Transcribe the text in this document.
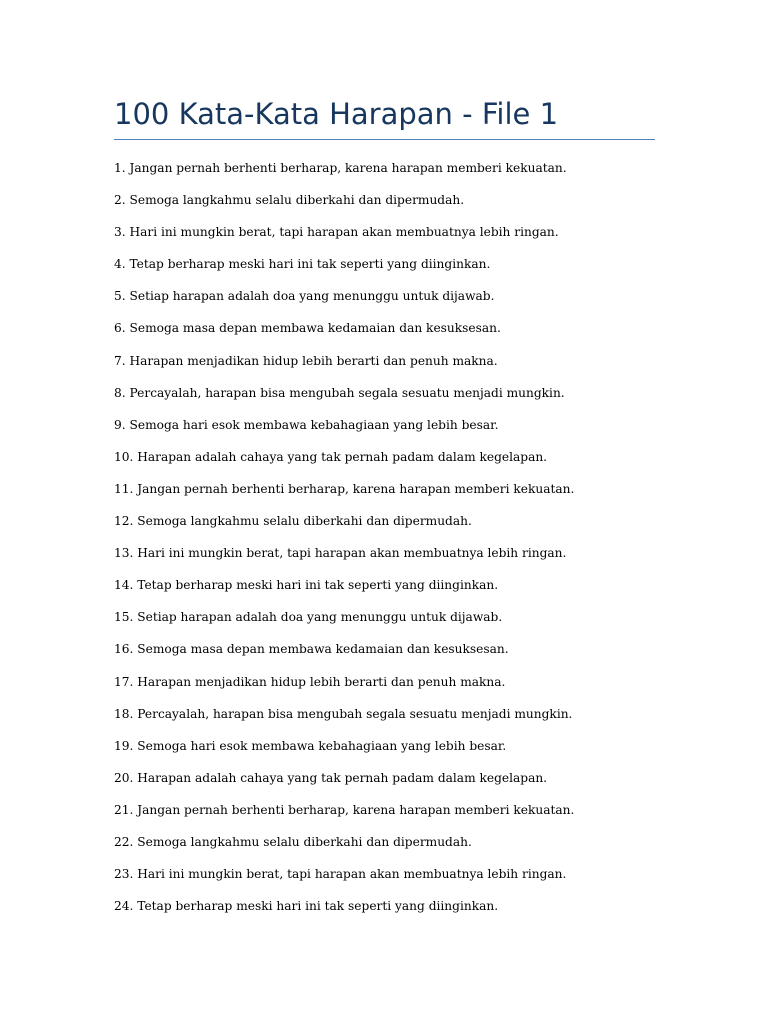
100 Kata-Kata Harapan - File 1
1. Jangan pernah berhenti berharap, karena harapan memberi kekuatan.
2. Semoga langkahmu selalu diberkahi dan dipermudah.
3. Hari ini mungkin berat, tapi harapan akan membuatnya lebih ringan.
4. Tetap berharap meski hari ini tak seperti yang diinginkan.
5. Setiap harapan adalah doa yang menunggu untuk dijawab.
6. Semoga masa depan membawa kedamaian dan kesuksesan.
7. Harapan menjadikan hidup lebih berarti dan penuh makna.
8. Percayalah, harapan bisa mengubah segala sesuatu menjadi mungkin.
9. Semoga hari esok membawa kebahagiaan yang lebih besar.
10. Harapan adalah cahaya yang tak pernah padam dalam kegelapan.
11. Jangan pernah berhenti berharap, karena harapan memberi kekuatan.
12. Semoga langkahmu selalu diberkahi dan dipermudah.
13. Hari ini mungkin berat, tapi harapan akan membuatnya lebih ringan.
14. Tetap berharap meski hari ini tak seperti yang diinginkan.
15. Setiap harapan adalah doa yang menunggu untuk dijawab.
16. Semoga masa depan membawa kedamaian dan kesuksesan.
17. Harapan menjadikan hidup lebih berarti dan penuh makna.
18. Percayalah, harapan bisa mengubah segala sesuatu menjadi mungkin.
19. Semoga hari esok membawa kebahagiaan yang lebih besar.
20. Harapan adalah cahaya yang tak pernah padam dalam kegelapan.
21. Jangan pernah berhenti berharap, karena harapan memberi kekuatan.
22. Semoga langkahmu selalu diberkahi dan dipermudah.
23. Hari ini mungkin berat, tapi harapan akan membuatnya lebih ringan.
24. Tetap berharap meski hari ini tak seperti yang diinginkan.
